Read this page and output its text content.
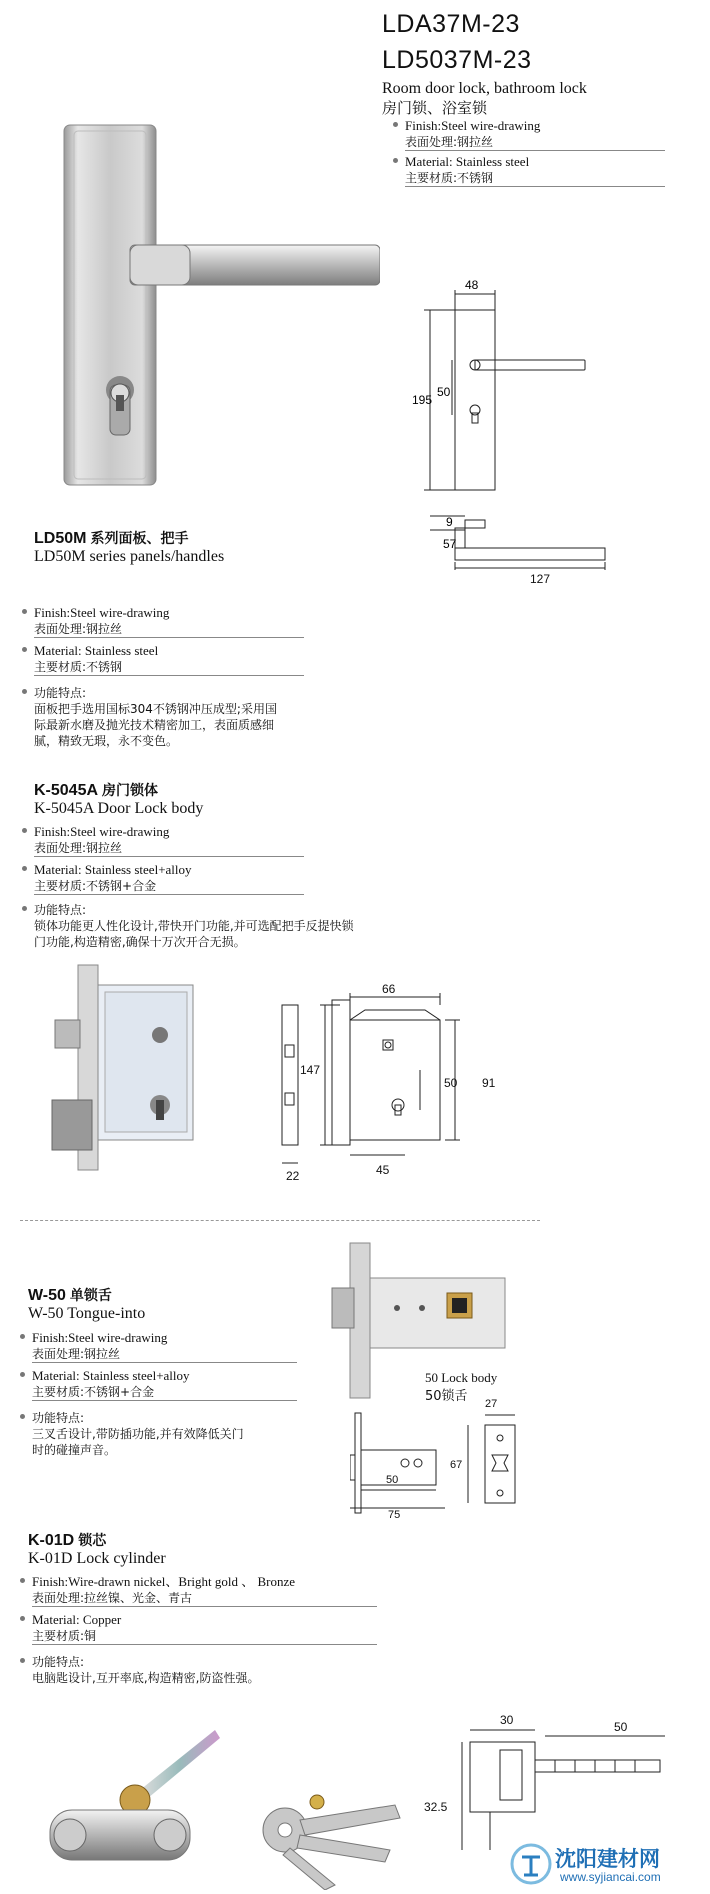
LDA37M-23
LD5037M-23
Room door lock, bathroom lock
房门锁、浴室锁
Finish:Steel wire-drawing
表面处理:钢拉丝
Material: Stainless steel
主要材质:不锈钢
48
195
50
9
57
127
LD50M 系列面板、把手
LD50M series panels/handles
Finish:Steel wire-drawing
表面处理:钢拉丝
Material: Stainless steel
主要材质:不锈钢
功能特点:
面板把手选用国标304不锈钢冲压成型;采用国
际最新水磨及抛光技术精密加工，表面质感细
腻，精致无瑕，永不变色。
K-5045A 房门锁体
K-5045A Door Lock body
Finish:Steel wire-drawing
表面处理:钢拉丝
Material: Stainless steel+alloy
主要材质:不锈钢+合金
功能特点:
锁体功能更人性化设计,带快开门功能,并可选配把手反提快锁
门功能,构造精密,确保十万次开合无损。
66
147
50 91
45
22
W-50 单锁舌
W-50 Tongue-into
Finish:Steel wire-drawing
表面处理:钢拉丝
Material: Stainless steel+alloy
主要材质:不锈钢+合金
功能特点:
三叉舌设计,带防插功能,并有效降低关门
时的碰撞声音。
50 Lock body
50锁舌 27
67
50
75
K-01D 锁芯
K-01D Lock cylinder
Finish:Wire-drawn nickel、Bright gold 、 Bronze
表面处理:拉丝镍、光金、青古
Material: Copper
主要材质:铜
功能特点:
电脑匙设计,互开率底,构造精密,防盗性强。
30	50
32.5
沈阳建材网
www.syjiancai.com
